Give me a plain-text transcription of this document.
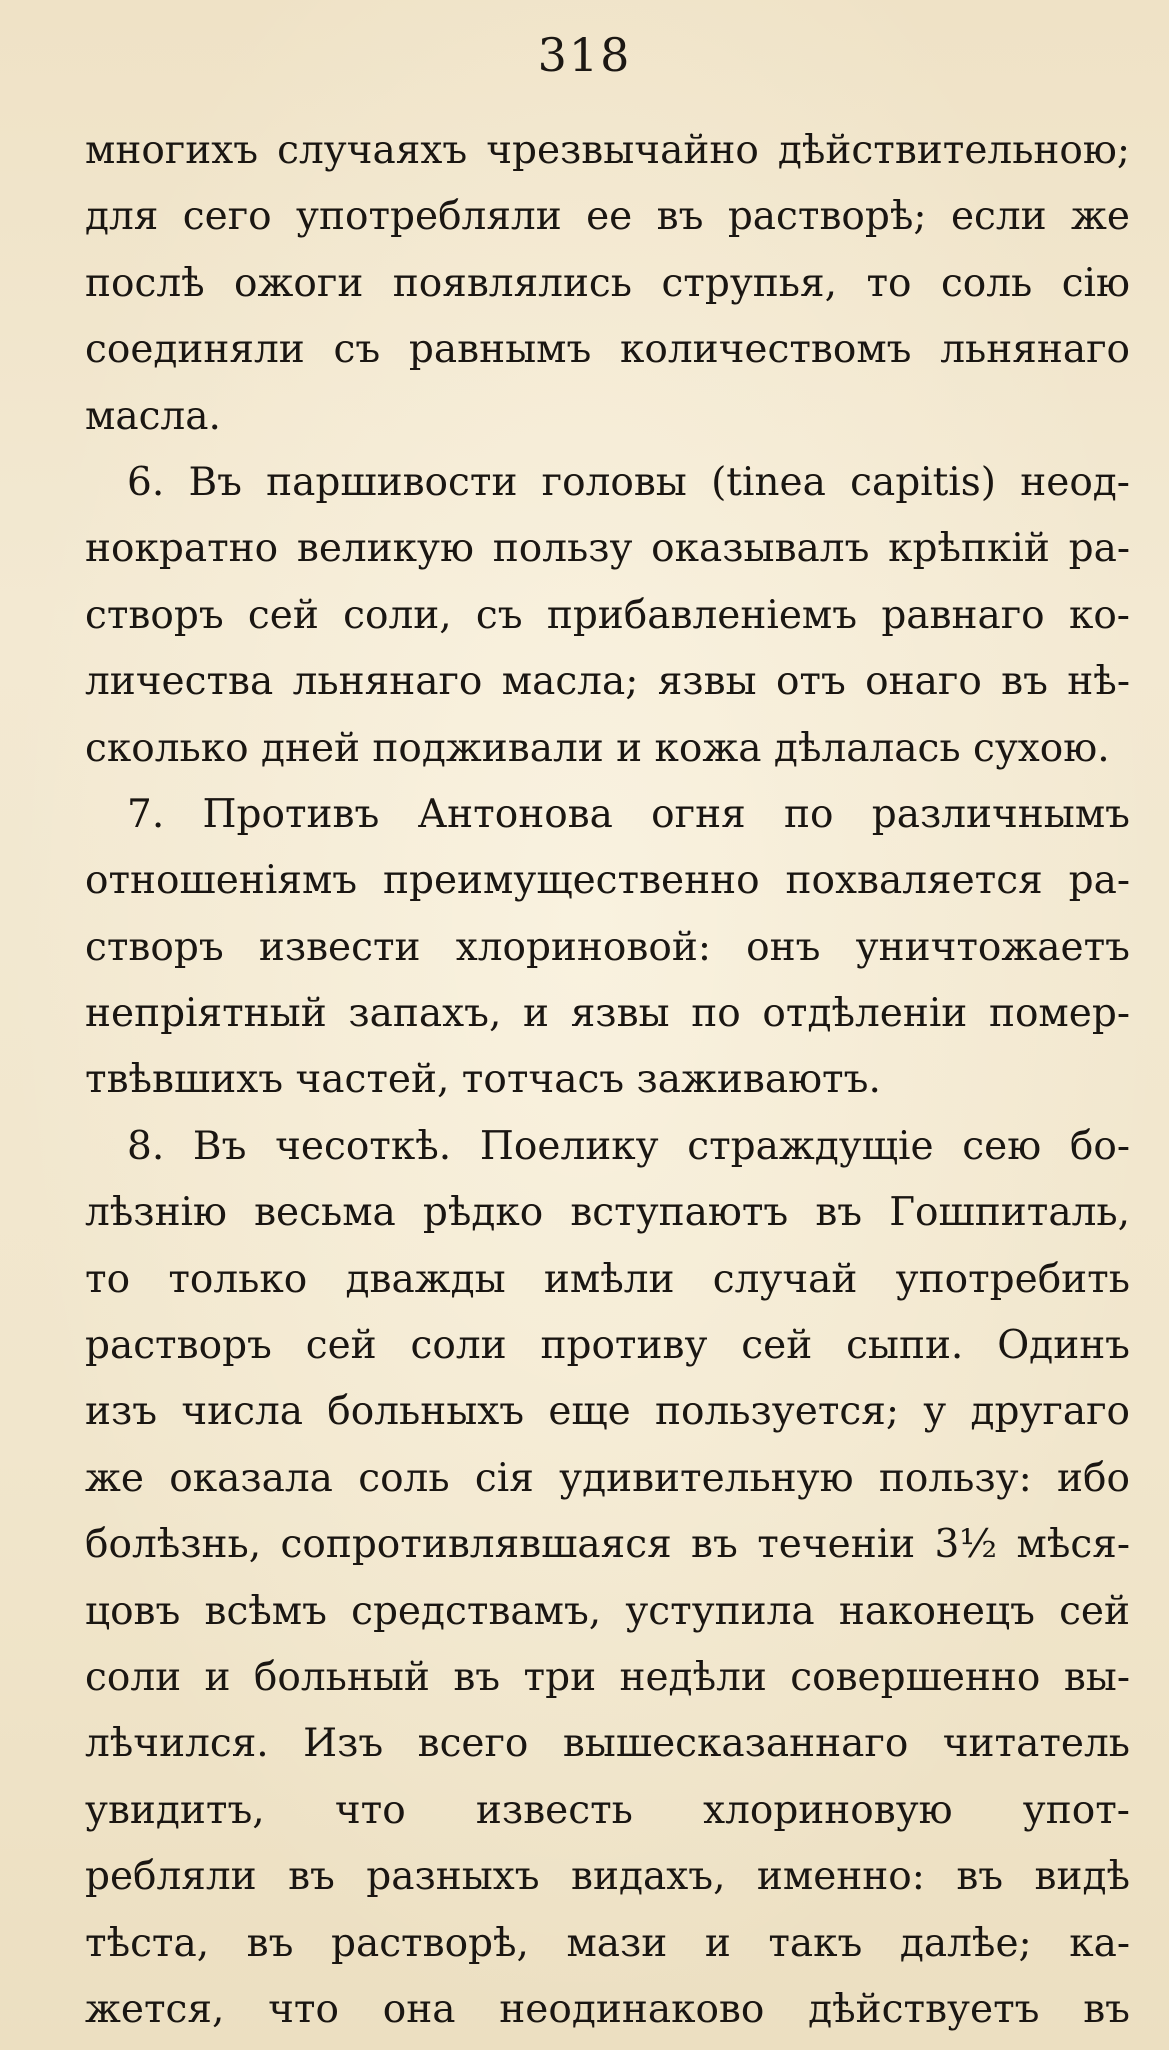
318
многихъ случаяхъ чрезвычайно дѣйствительною;
для сего употребляли ее въ растворѣ; если же
послѣ ожоги появлялись струпья, то соль сію
соединяли съ равнымъ количествомъ льнянаго
масла.
6. Въ паршивости головы (tinea capitis) неод-
нократно великую пользу оказывалъ крѣпкій ра-
створъ сей соли, съ прибавленіемъ равнаго ко-
личества льнянаго масла; язвы отъ онаго въ нѣ-
сколько дней подживали и кожа дѣлалась сухою.
7. Противъ Антонова огня по различнымъ
отношеніямъ преимущественно похваляется ра-
створъ извести хлориновой: онъ уничтожаетъ
непріятный запахъ, и язвы по отдѣленіи помер-
твѣвшихъ частей, тотчасъ заживаютъ.
8. Въ чесоткѣ. Поелику страждущіе сею бо-
лѣзнію весьма рѣдко вступаютъ въ Гошпиталь,
то только дважды имѣли случай употребить
растворъ сей соли противу сей сыпи. Одинъ
изъ числа больныхъ еще пользуется; у другаго
же оказала соль сія удивительную пользу: ибо
болѣзнь, сопротивлявшаяся въ теченіи 3½ мѣся-
цовъ всѣмъ средствамъ, уступила наконецъ сей
соли и больный въ три недѣли совершенно вы-
лѣчился. Изъ всего вышесказаннаго читатель
увидитъ, что известь хлориновую упот-
ребляли въ разныхъ видахъ, именно: въ видѣ
тѣста, въ растворѣ, мази и такъ далѣе; ка-
жется, что она неодинаково дѣйствуетъ въ
